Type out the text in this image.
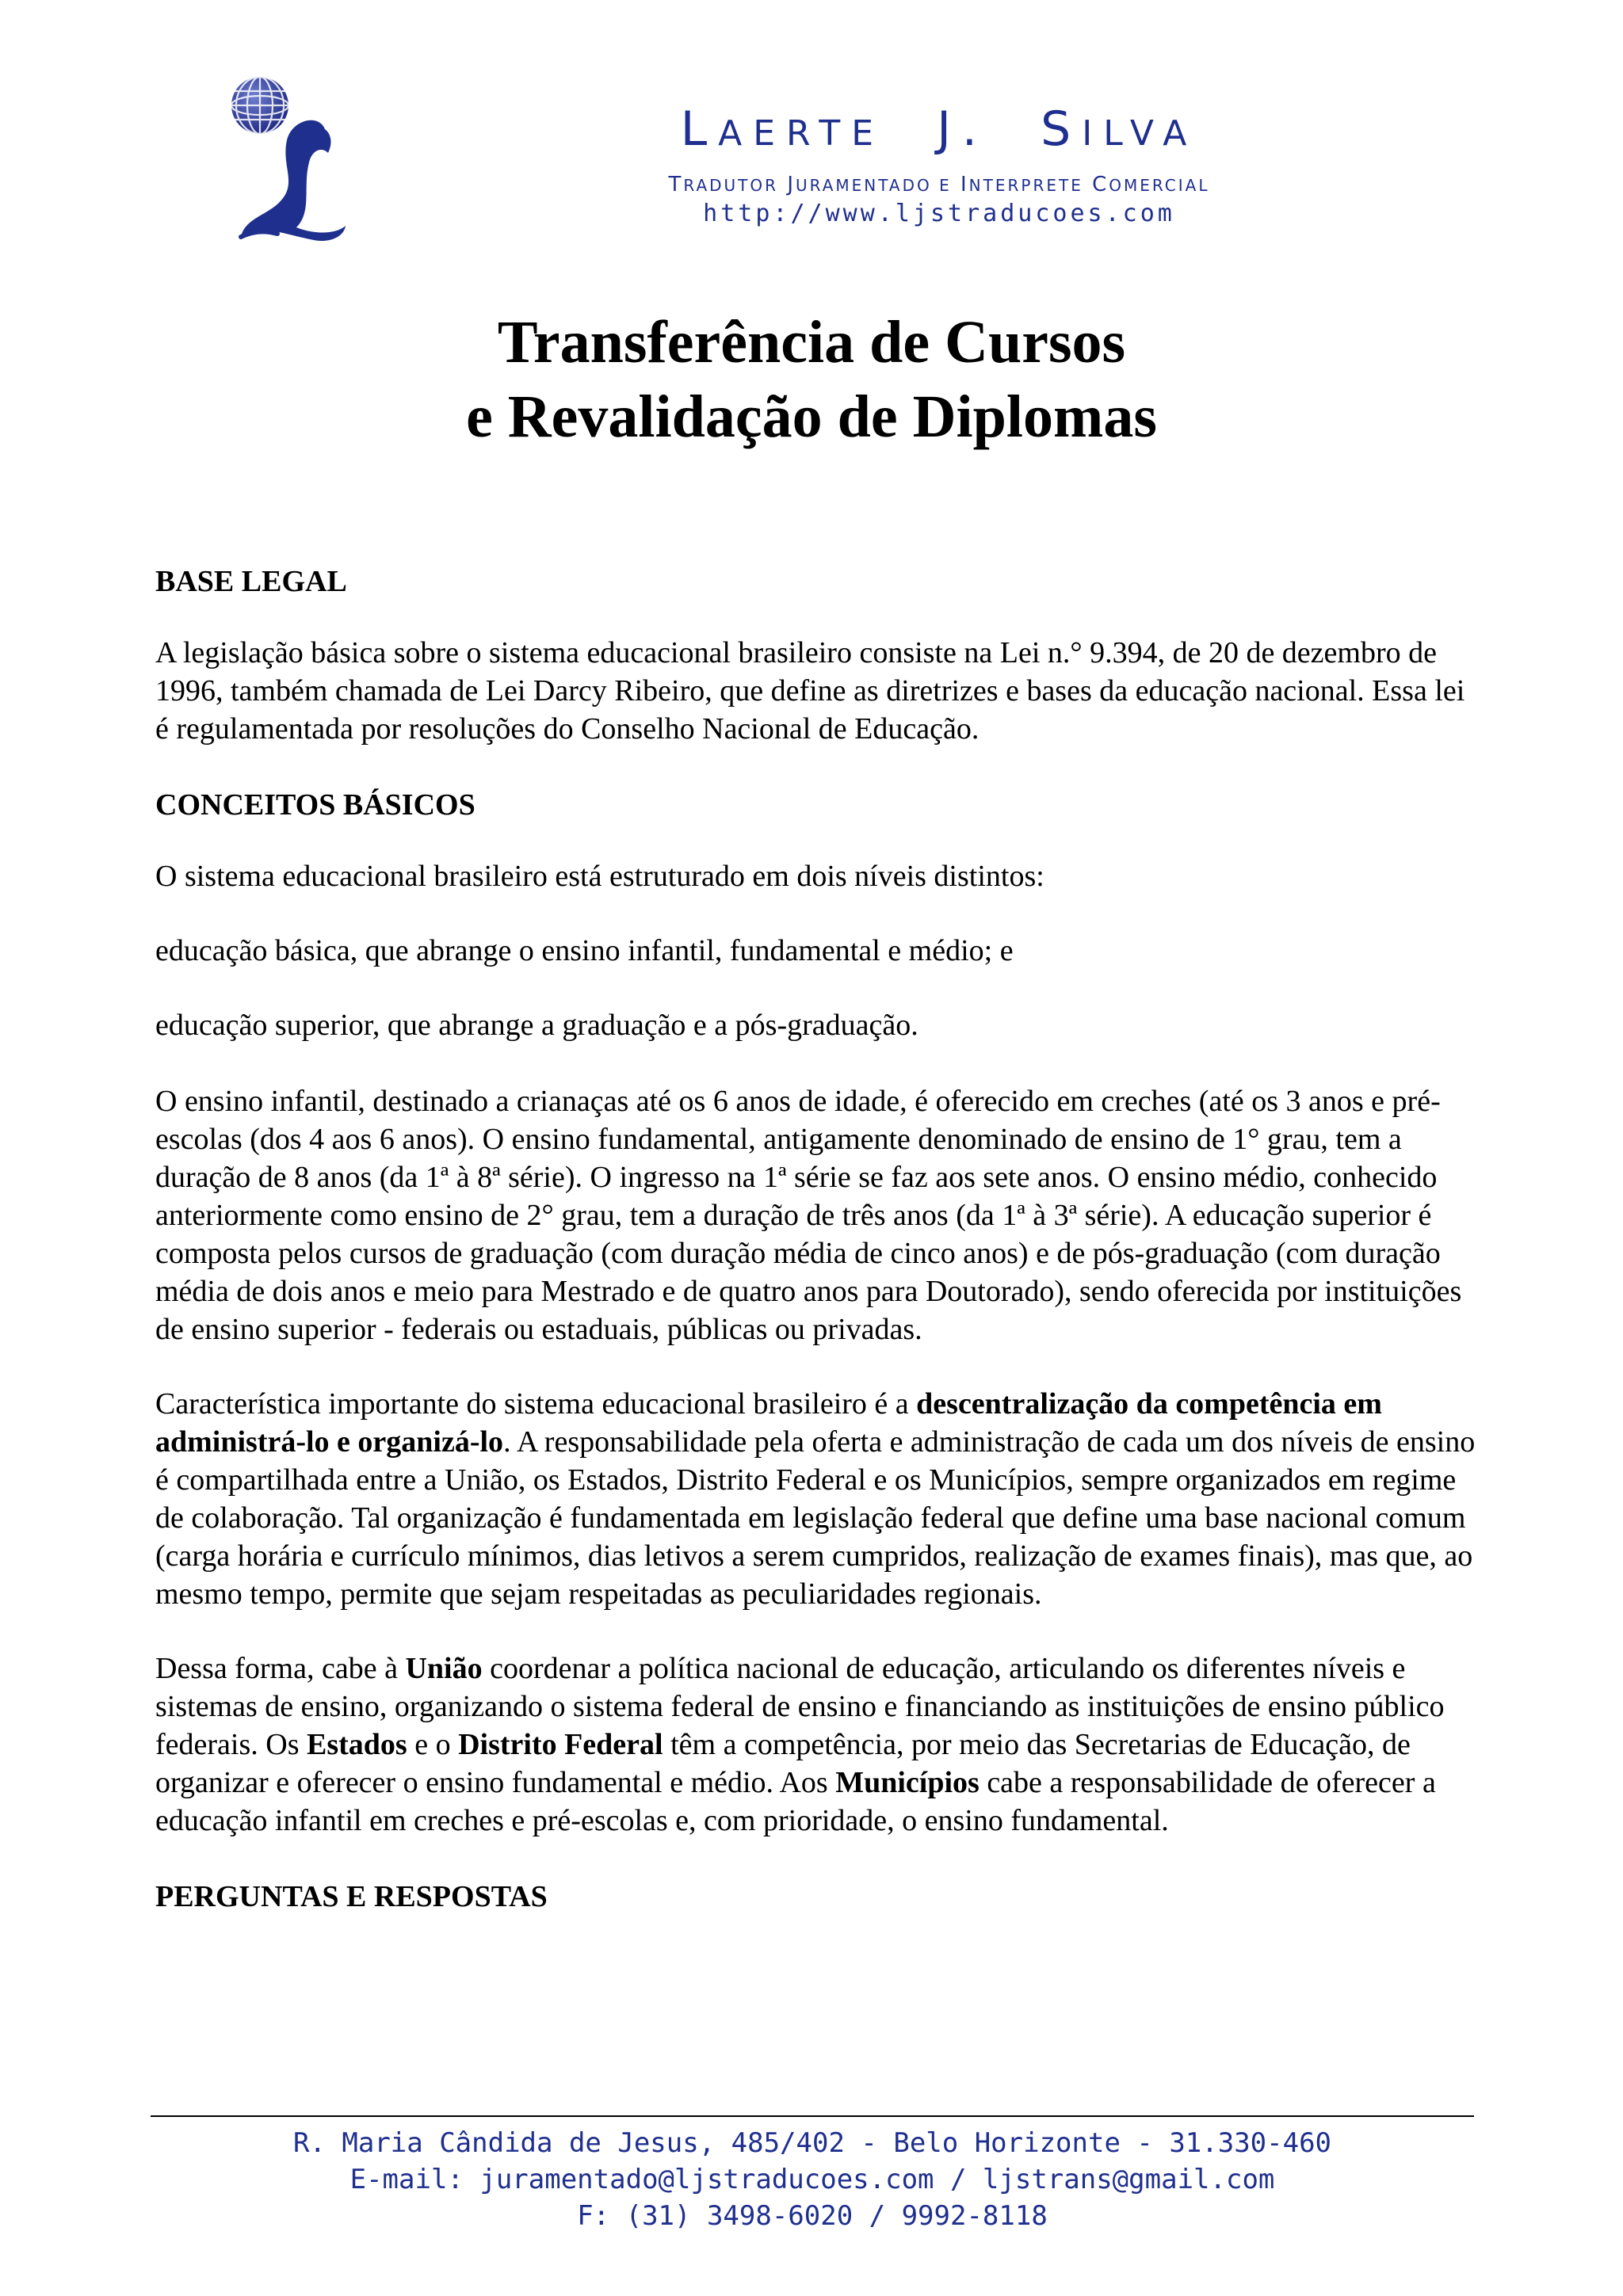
LAERTE J. SILVA
TRADUTOR JURAMENTADO E INTERPRETE COMERCIAL
http://www.ljstraducoes.com
Transferência de Cursos
e Revalidação de Diplomas

BASE LEGAL

A legislação básica sobre o sistema educacional brasileiro consiste na Lei n.° 9.394, de 20 de dezembro de 1996, também chamada de Lei Darcy Ribeiro, que define as diretrizes e bases da educação nacional. Essa lei é regulamentada por resoluções do Conselho Nacional de Educação.

CONCEITOS BÁSICOS

O sistema educacional brasileiro está estruturado em dois níveis distintos:

educação básica, que abrange o ensino infantil, fundamental e médio; e

educação superior, que abrange a graduação e a pós-graduação.

O ensino infantil, destinado a crianaças até os 6 anos de idade, é oferecido em creches (até os 3 anos e pré-escolas (dos 4 aos 6 anos). O ensino fundamental, antigamente denominado de ensino de 1° grau, tem a duração de 8 anos (da 1ª à 8ª série). O ingresso na 1ª série se faz aos sete anos. O ensino médio, conhecido anteriormente como ensino de 2° grau, tem a duração de três anos (da 1ª à 3ª série). A educação superior é composta pelos cursos de graduação (com duração média de cinco anos) e de pós-graduação (com duração média de dois anos e meio para Mestrado e de quatro anos para Doutorado), sendo oferecida por instituições de ensino superior - federais ou estaduais, públicas ou privadas.

Característica importante do sistema educacional brasileiro é a descentralização da competência em administrá-lo e organizá-lo. A responsabilidade pela oferta e administração de cada um dos níveis de ensino é compartilhada entre a União, os Estados, Distrito Federal e os Municípios, sempre organizados em regime de colaboração. Tal organização é fundamentada em legislação federal que define uma base nacional comum (carga horária e currículo mínimos, dias letivos a serem cumpridos, realização de exames finais), mas que, ao mesmo tempo, permite que sejam respeitadas as peculiaridades regionais.

Dessa forma, cabe à União coordenar a política nacional de educação, articulando os diferentes níveis e sistemas de ensino, organizando o sistema federal de ensino e financiando as instituições de ensino público federais. Os Estados e o Distrito Federal têm a competência, por meio das Secretarias de Educação, de organizar e oferecer o ensino fundamental e médio. Aos Municípios cabe a responsabilidade de oferecer a educação infantil em creches e pré-escolas e, com prioridade, o ensino fundamental.

PERGUNTAS E RESPOSTAS

R. Maria Cândida de Jesus, 485/402 - Belo Horizonte - 31.330-460
E-mail: juramentado@ljstraducoes.com / ljstrans@gmail.com
F: (31) 3498-6020 / 9992-8118
